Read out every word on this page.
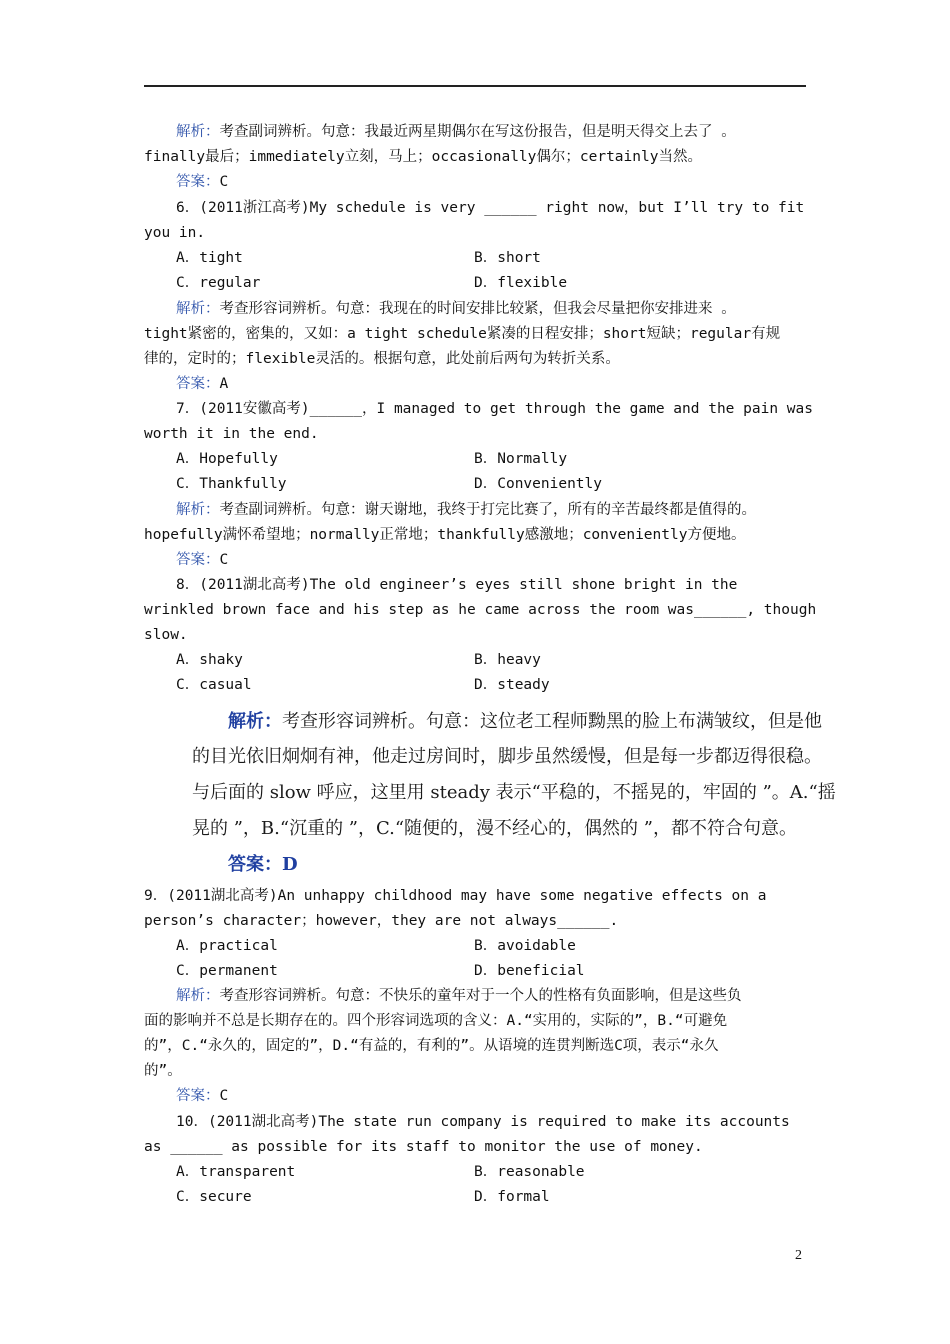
解析：考查副词辨析。句意：我最近两星期偶尔在写这份报告，但是明天得交上去了 。
finally最后；immediately立刻，马上；occasionally偶尔；certainly当然。
答案：C
6．(2011浙江高考)My schedule is very ______ right now，but I’ll try to fit
you in.
解析：考查形容词辨析。句意：我现在的时间安排比较紧，但我会尽量把你安排进来 。
tight紧密的，密集的，又如：a tight schedule紧凑的日程安排；short短缺；regular有规
律的，定时的；flexible灵活的。根据句意，此处前后两句为转折关系。
答案：A
7．(2011安徽高考)______，I managed to get through the game and the pain was
worth it in the end.
解析：考查副词辨析。句意：谢天谢地，我终于打完比赛了，所有的辛苦最终都是值得的。
hopefully满怀希望地；normally正常地；thankfully感激地；conveniently方便地。
答案：C
8．(2011湖北高考)The old engineer’s eyes still shone bright in the
wrinkled brown face and his step as he came across the room was______, though
slow.
9．(2011湖北高考)An unhappy childhood may have some negative effects on a
person’s character；however，they are not always______.
解析：考查形容词辨析。句意：不快乐的童年对于一个人的性格有负面影响，但是这些负
面的影响并不总是长期存在的。四个形容词选项的含义：A.“实用的，实际的”，B.“可避免
的”，C.“永久的，固定的”，D.“有益的，有利的”。从语境的连贯判断选C项，表示“永久
的”。
答案：C
10．(2011湖北高考)The state run company is required to make its accounts
as ______ as possible for its staff to monitor the use of money.
A．tight	B．short
C．regular	D．flexible
A．Hopefully	B．Normally
C．Thankfully	D．Conveniently
A．shaky	B．heavy
C．casual	D．steady
A．practical	B．avoidable
C．permanent	D．beneficial
A．transparent	B．reasonable
C．secure	D．formal
解析：考查形容词辨析。句意：这位老工程师黝黑的脸上布满皱纹，但是他
的目光依旧炯炯有神，他走过房间时，脚步虽然缓慢，但是每一步都迈得很稳。
与后面的 slow 呼应，这里用 steady 表示“平稳的，不摇晃的，牢固的 ”。A.“摇
晃的 ”，B.“沉重的 ”，C.“随便的，漫不经心的，偶然的 ”，都不符合句意。
答案：D
2
